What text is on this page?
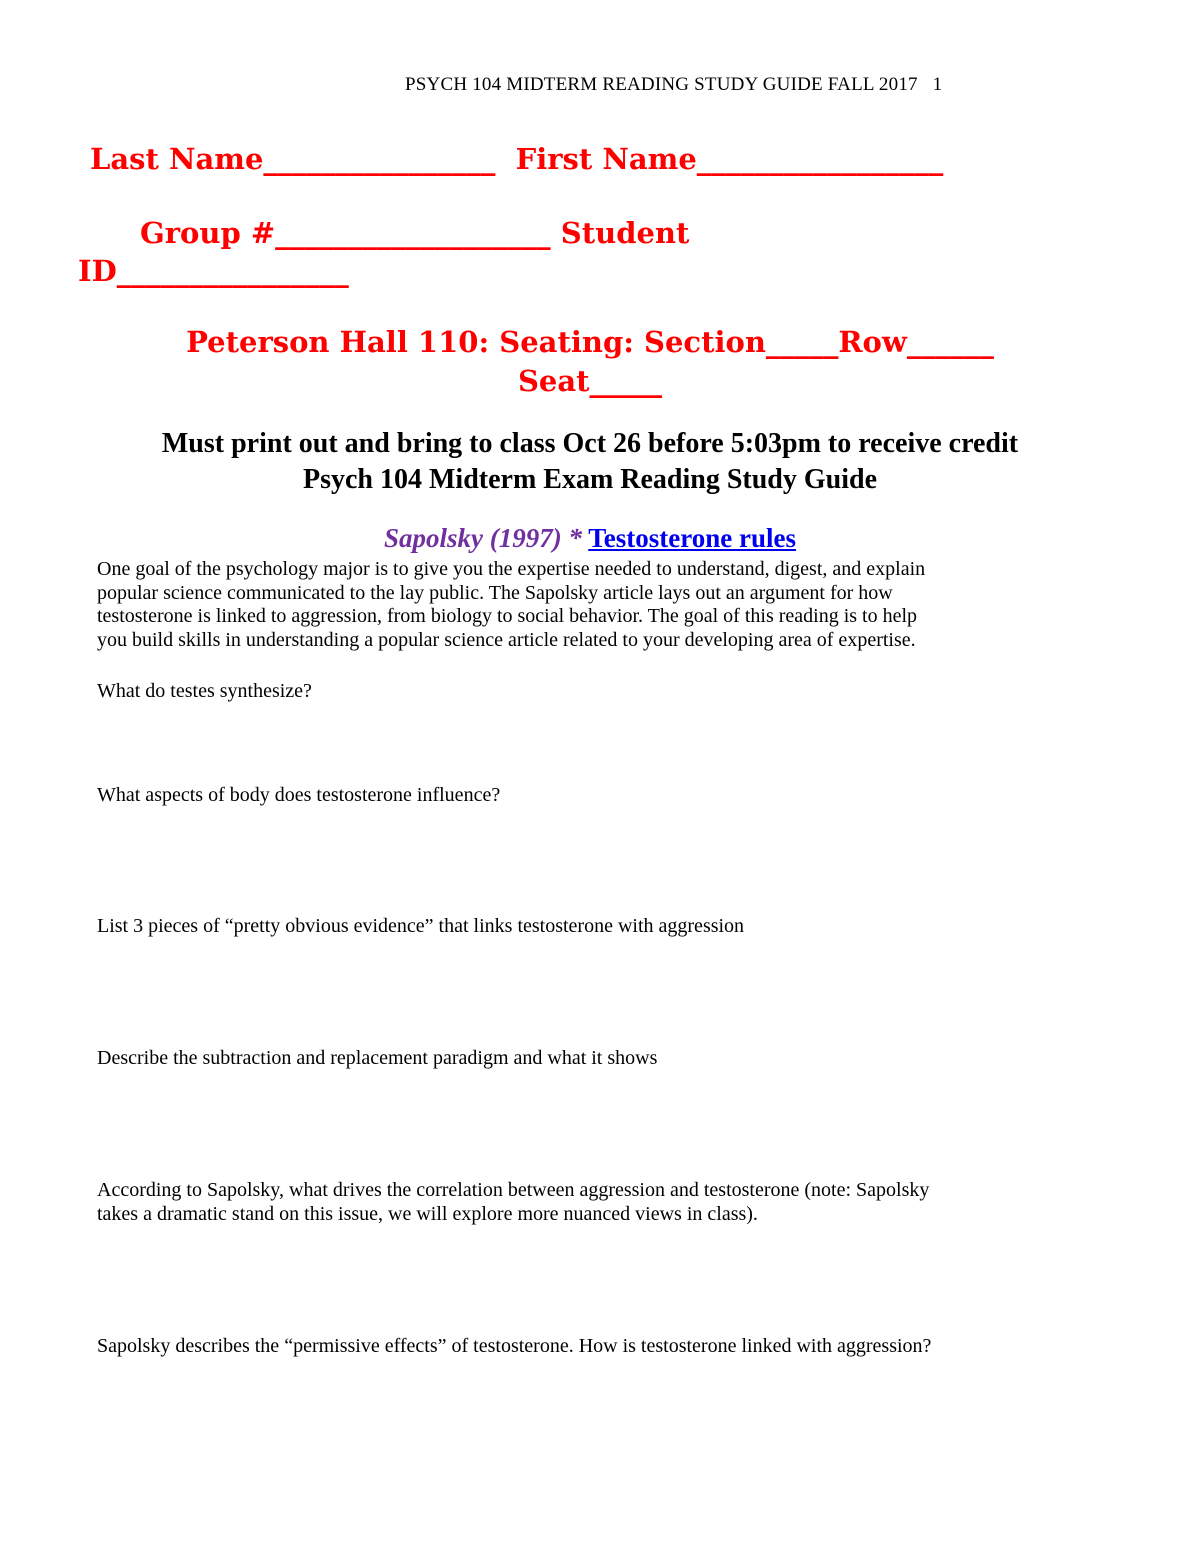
PSYCH 104 MIDTERM READING STUDY GUIDE FALL 2017 1
Last Name________________ First Name_________________
Group #___________________ Student
ID________________
Peterson Hall 110: Seating: Section_____Row______
Seat_____
Must print out and bring to class Oct 26 before 5:03pm to receive credit
Psych 104 Midterm Exam Reading Study Guide
Sapolsky (1997) * Testosterone rules
One goal of the psychology major is to give you the expertise needed to understand, digest, and explain
popular science communicated to the lay public. The Sapolsky article lays out an argument for how
testosterone is linked to aggression, from biology to social behavior. The goal of this reading is to help
you build skills in understanding a popular science article related to your developing area of expertise.
What do testes synthesize?
What aspects of body does testosterone influence?
List 3 pieces of “pretty obvious evidence” that links testosterone with aggression
Describe the subtraction and replacement paradigm and what it shows
According to Sapolsky, what drives the correlation between aggression and testosterone (note: Sapolsky
takes a dramatic stand on this issue, we will explore more nuanced views in class).
Sapolsky describes the “permissive effects” of testosterone. How is testosterone linked with aggression?
